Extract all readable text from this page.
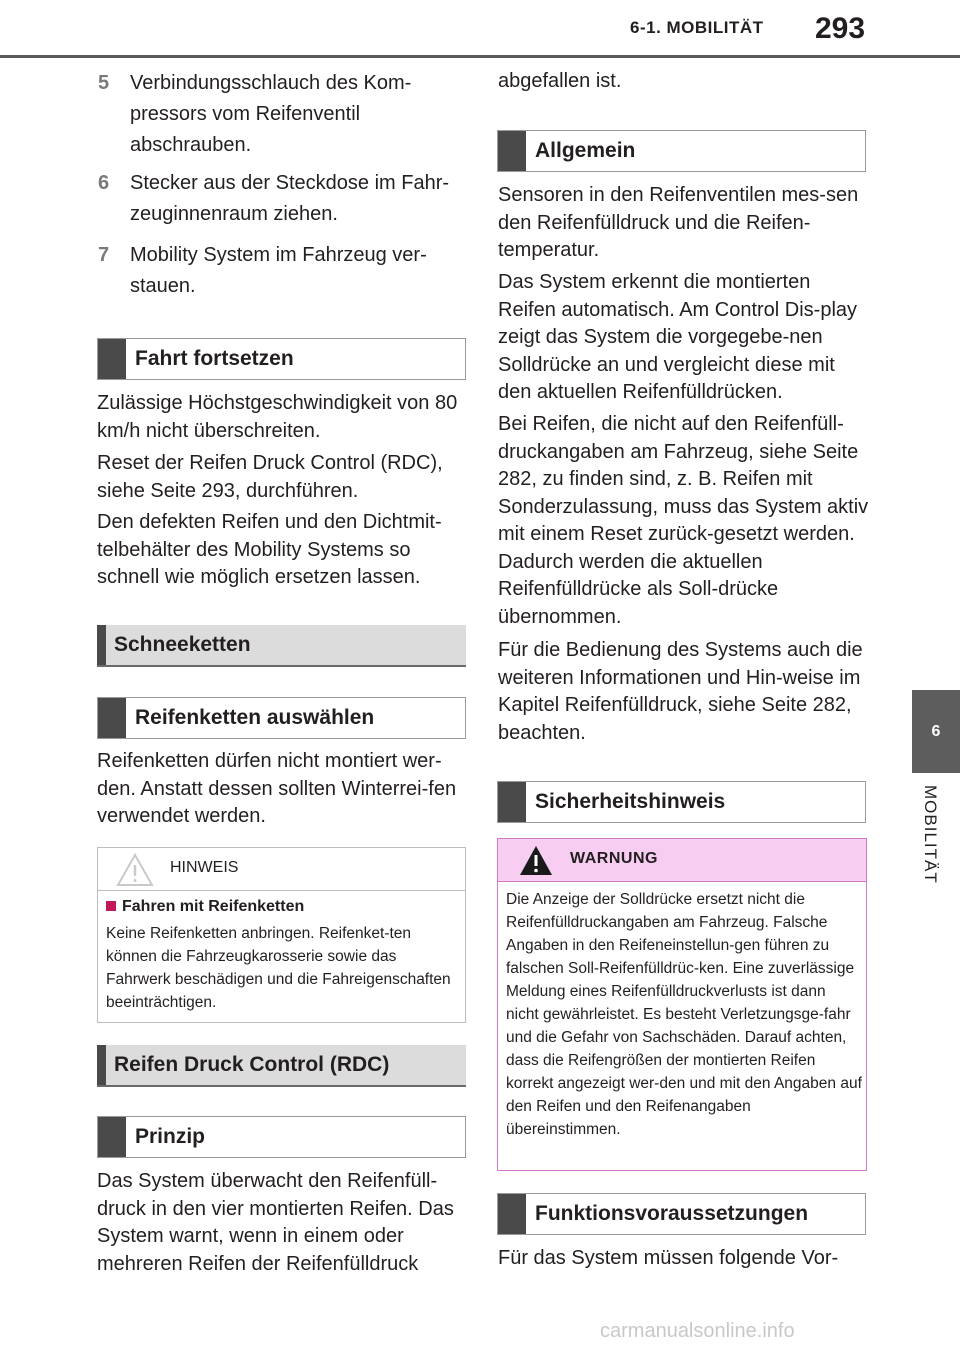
6-1. MOBILITÄT 293
6
MOBILITÄT
5 Verbindungsschlauch des Kom-pressors vom Reifenventil abschrauben.
6 Stecker aus der Steckdose im Fahr-zeuginnenraum ziehen.
7 Mobility System im Fahrzeug ver-stauen.
Fahrt fortsetzen
Zulässige Höchstgeschwindigkeit von 80 km/h nicht überschreiten.
Reset der Reifen Druck Control (RDC), siehe Seite 293, durchführen.
Den defekten Reifen und den Dichtmit-telbehälter des Mobility Systems so schnell wie möglich ersetzen lassen.
Schneeketten
Reifenketten auswählen
Reifenketten dürfen nicht montiert wer-den. Anstatt dessen sollten Winterrei-fen verwendet werden.
HINWEIS
Fahren mit Reifenketten
Keine Reifenketten anbringen. Reifenket-ten können die Fahrzeugkarosserie sowie das Fahrwerk beschädigen und die Fahreigenschaften beeinträchtigen.
Reifen Druck Control (RDC)
Prinzip
Das System überwacht den Reifenfüll-druck in den vier montierten Reifen. Das System warnt, wenn in einem oder mehreren Reifen der Reifenfülldruck
abgefallen ist.
Allgemein
Sensoren in den Reifenventilen mes-sen den Reifenfülldruck und die Reifen-temperatur.
Das System erkennt die montierten Reifen automatisch. Am Control Dis-play zeigt das System die vorgegebe-nen Solldrücke an und vergleicht diese mit den aktuellen Reifenfülldrücken.
Bei Reifen, die nicht auf den Reifenfüll-druckangaben am Fahrzeug, siehe Seite 282, zu finden sind, z. B. Reifen mit Sonderzulassung, muss das System aktiv mit einem Reset zurück-gesetzt werden. Dadurch werden die aktuellen Reifenfülldrücke als Soll-drücke übernommen.
Für die Bedienung des Systems auch die weiteren Informationen und Hin-weise im Kapitel Reifenfülldruck, siehe Seite 282, beachten.
Sicherheitshinweis
WARNUNG
Die Anzeige der Solldrücke ersetzt nicht die Reifenfülldruckangaben am Fahrzeug. Falsche Angaben in den Reifeneinstellun-gen führen zu falschen Soll-Reifenfülldrüc-ken. Eine zuverlässige Meldung eines Reifenfülldruckverlusts ist dann nicht gewährleistet. Es besteht Verletzungsge-fahr und die Gefahr von Sachschäden. Darauf achten, dass die Reifengrößen der montierten Reifen korrekt angezeigt wer-den und mit den Angaben auf den Reifen und den Reifenangaben übereinstimmen.
Funktionsvoraussetzungen
Für das System müssen folgende Vor-
carmanualsonline.info
